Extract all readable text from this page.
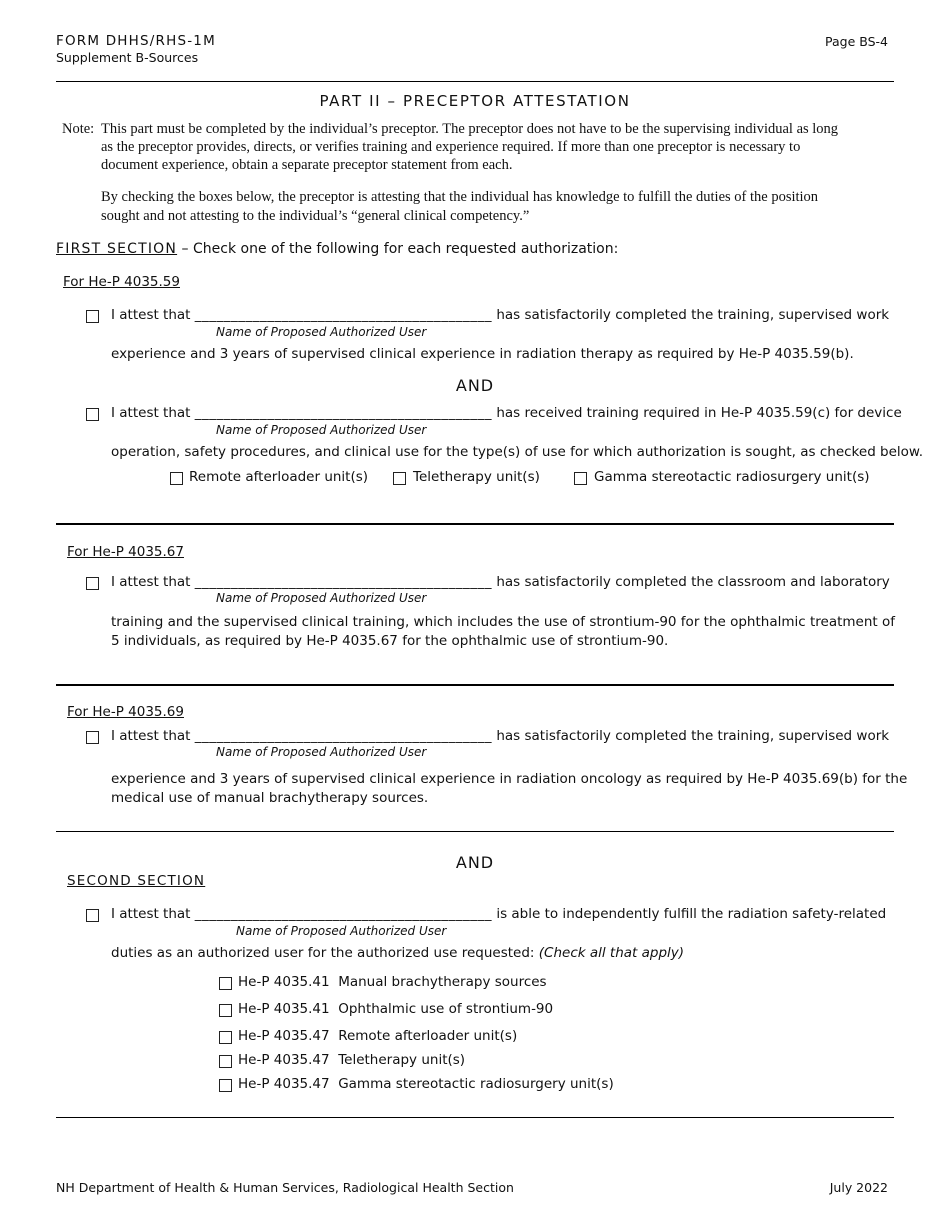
FORM DHHS/RHS-1M
Supplement B-Sources
Page BS-4
PART II – PRECEPTOR ATTESTATION
Note: This part must be completed by the individual’s preceptor. The preceptor does not have to be the supervising individual as long
as the preceptor provides, directs, or verifies training and experience required. If more than one preceptor is necessary to
document experience, obtain a separate preceptor statement from each.
By checking the boxes below, the preceptor is attesting that the individual has knowledge to fulfill the duties of the position
sought and not attesting to the individual’s “general clinical competency.”
FIRST SECTION – Check one of the following for each requested authorization:
For He-P 4035.59
I attest that _________________________________________ has satisfactorily completed the training, supervised work
Name of Proposed Authorized User
experience and 3 years of supervised clinical experience in radiation therapy as required by He-P 4035.59(b).
AND
I attest that _________________________________________ has received training required in He-P 4035.59(c) for device
Name of Proposed Authorized User
operation, safety procedures, and clinical use for the type(s) of use for which authorization is sought, as checked below.
Remote afterloader unit(s)	Teletherapy unit(s)	Gamma stereotactic radiosurgery unit(s)
For He-P 4035.67
I attest that _________________________________________ has satisfactorily completed the classroom and laboratory
Name of Proposed Authorized User
training and the supervised clinical training, which includes the use of strontium-90 for the ophthalmic treatment of
5 individuals, as required by He-P 4035.67 for the ophthalmic use of strontium-90.
For He-P 4035.69
I attest that _________________________________________ has satisfactorily completed the training, supervised work
Name of Proposed Authorized User
experience and 3 years of supervised clinical experience in radiation oncology as required by He-P 4035.69(b) for the
medical use of manual brachytherapy sources.
AND
SECOND SECTION
I attest that _________________________________________ is able to independently fulfill the radiation safety-related
Name of Proposed Authorized User
duties as an authorized user for the authorized use requested: (Check all that apply)
He-P 4035.41 Manual brachytherapy sources
He-P 4035.41 Ophthalmic use of strontium-90
He-P 4035.47 Remote afterloader unit(s)
He-P 4035.47 Teletherapy unit(s)
He-P 4035.47 Gamma stereotactic radiosurgery unit(s)
NH Department of Health & Human Services, Radiological Health Section	July 2022
